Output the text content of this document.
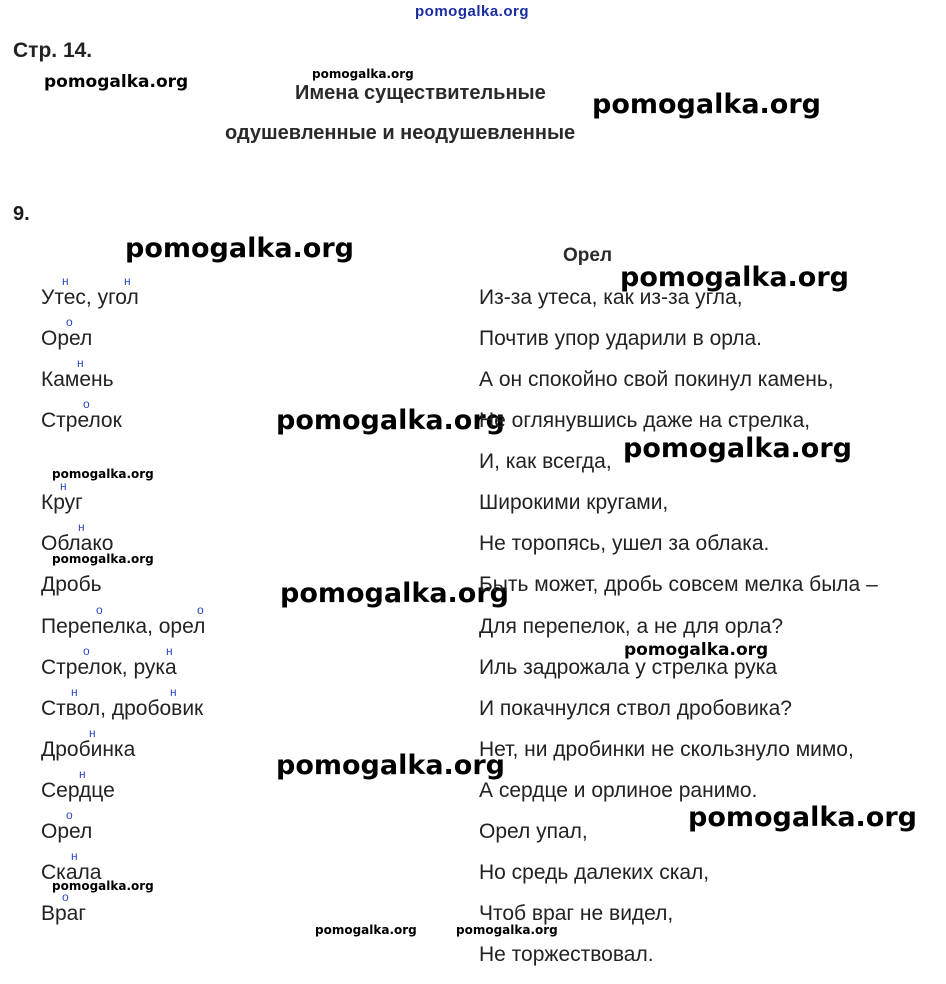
pomogalka.org
pomogalka.org	pomogalka.org
pomogalka.org
pomogalka.org
pomogalka.org
pomogalka.org
pomogalka.org
pomogalka.org
pomogalka.org
pomogalka.org
pomogalka.org
pomogalka.org
pomogalka.org
pomogalka.org
pomogalka.org	pomogalka.org
Стр. 14.
Имена существительные
одушевленные и неодушевленные
9.
Орел
Утес, угол
Орел
Камень
Стрелок
Круг
Облако
Дробь
Перепелка, орел
Стрелок, рука
Ствол, дробовик
Дробинка
Сердце
Орел
Скала
Враг
н	н
о
н
о
н
н
о	о
о	н
н	н
н
н
о
н
о
Из-за утеса, как из-за угла,
Почтив упор ударили в орла.
А он спокойно свой покинул камень,
Не оглянувшись даже на стрелка,
И, как всегда,
Широкими кругами,
Не торопясь, ушел за облака.
Быть может, дробь совсем мелка была –
Для перепелок, а не для орла?
Иль задрожала у стрелка рука
И покачнулся ствол дробовика?
Нет, ни дробинки не скользнуло мимо,
А сердце и орлиное ранимо.
Орел упал,
Но средь далеких скал,
Чтоб враг не видел,
Не торжествовал.
